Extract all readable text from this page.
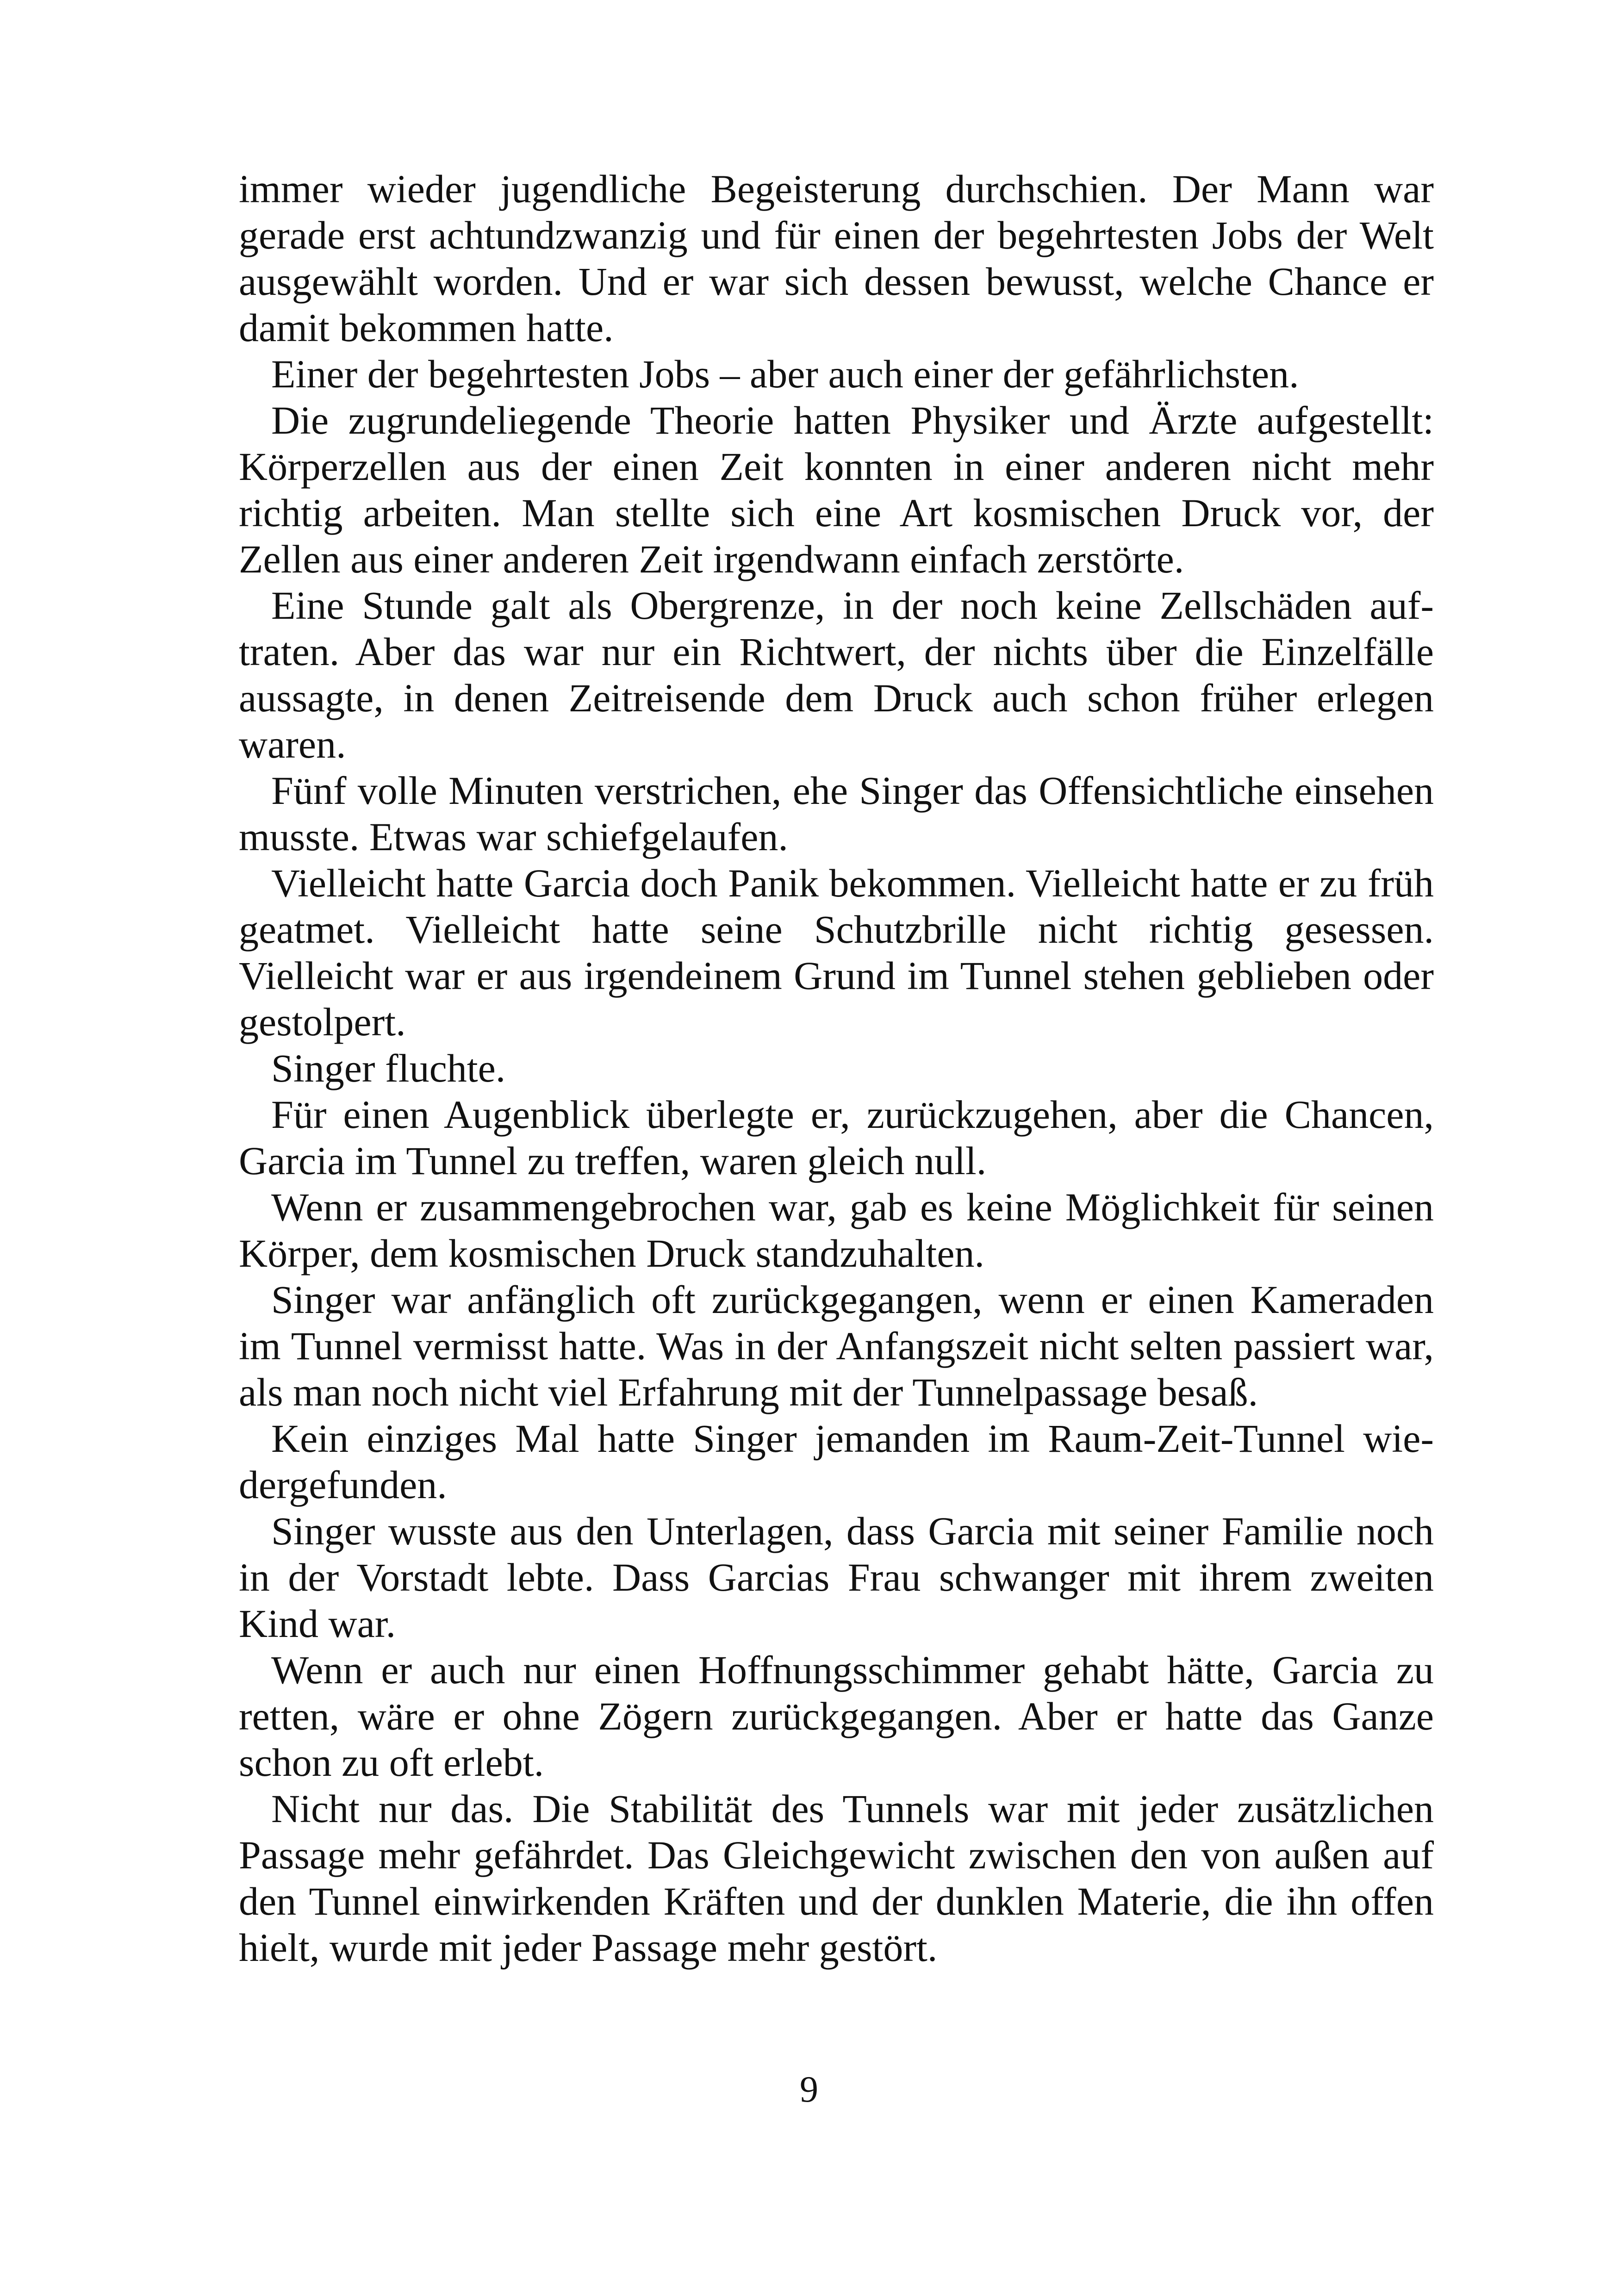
immer wieder jugendliche Begeisterung durchschien. Der Mann war gerade erst achtundzwanzig und für einen der begehrtesten Jobs der Welt ausgewählt worden. Und er war sich dessen bewusst, welche Chance er damit bekommen hatte.

Einer der begehrtesten Jobs – aber auch einer der gefährlichsten.

Die zugrundeliegende Theorie hatten Physiker und Ärzte aufgestellt: Körperzellen aus der einen Zeit konnten in einer anderen nicht mehr richtig arbeiten. Man stellte sich eine Art kosmischen Druck vor, der Zellen aus einer anderen Zeit irgendwann einfach zerstörte.

Eine Stunde galt als Obergrenze, in der noch keine Zellschäden auftraten. Aber das war nur ein Richtwert, der nichts über die Einzelfälle aussagte, in denen Zeitreisende dem Druck auch schon früher erlegen waren.

Fünf volle Minuten verstrichen, ehe Singer das Offensichtliche einsehen musste. Etwas war schiefgelaufen.

Vielleicht hatte Garcia doch Panik bekommen. Vielleicht hatte er zu früh geatmet. Vielleicht hatte seine Schutzbrille nicht richtig gesessen. Vielleicht war er aus irgendeinem Grund im Tunnel stehen geblieben oder gestolpert.

Singer fluchte.

Für einen Augenblick überlegte er, zurückzugehen, aber die Chancen, Garcia im Tunnel zu treffen, waren gleich null.

Wenn er zusammengebrochen war, gab es keine Möglichkeit für seinen Körper, dem kosmischen Druck standzuhalten.

Singer war anfänglich oft zurückgegangen, wenn er einen Kameraden im Tunnel vermisst hatte. Was in der Anfangszeit nicht selten passiert war, als man noch nicht viel Erfahrung mit der Tunnelpassage besaß.

Kein einziges Mal hatte Singer jemanden im Raum-Zeit-Tunnel wiedergefunden.

Singer wusste aus den Unterlagen, dass Garcia mit seiner Familie noch in der Vorstadt lebte. Dass Garcias Frau schwanger mit ihrem zweiten Kind war.

Wenn er auch nur einen Hoffnungsschimmer gehabt hätte, Garcia zu retten, wäre er ohne Zögern zurückgegangen. Aber er hatte das Ganze schon zu oft erlebt.

Nicht nur das. Die Stabilität des Tunnels war mit jeder zusätzlichen Passage mehr gefährdet. Das Gleichgewicht zwischen den von außen auf den Tunnel einwirkenden Kräften und der dunklen Materie, die ihn offen hielt, wurde mit jeder Passage mehr gestört.

9
